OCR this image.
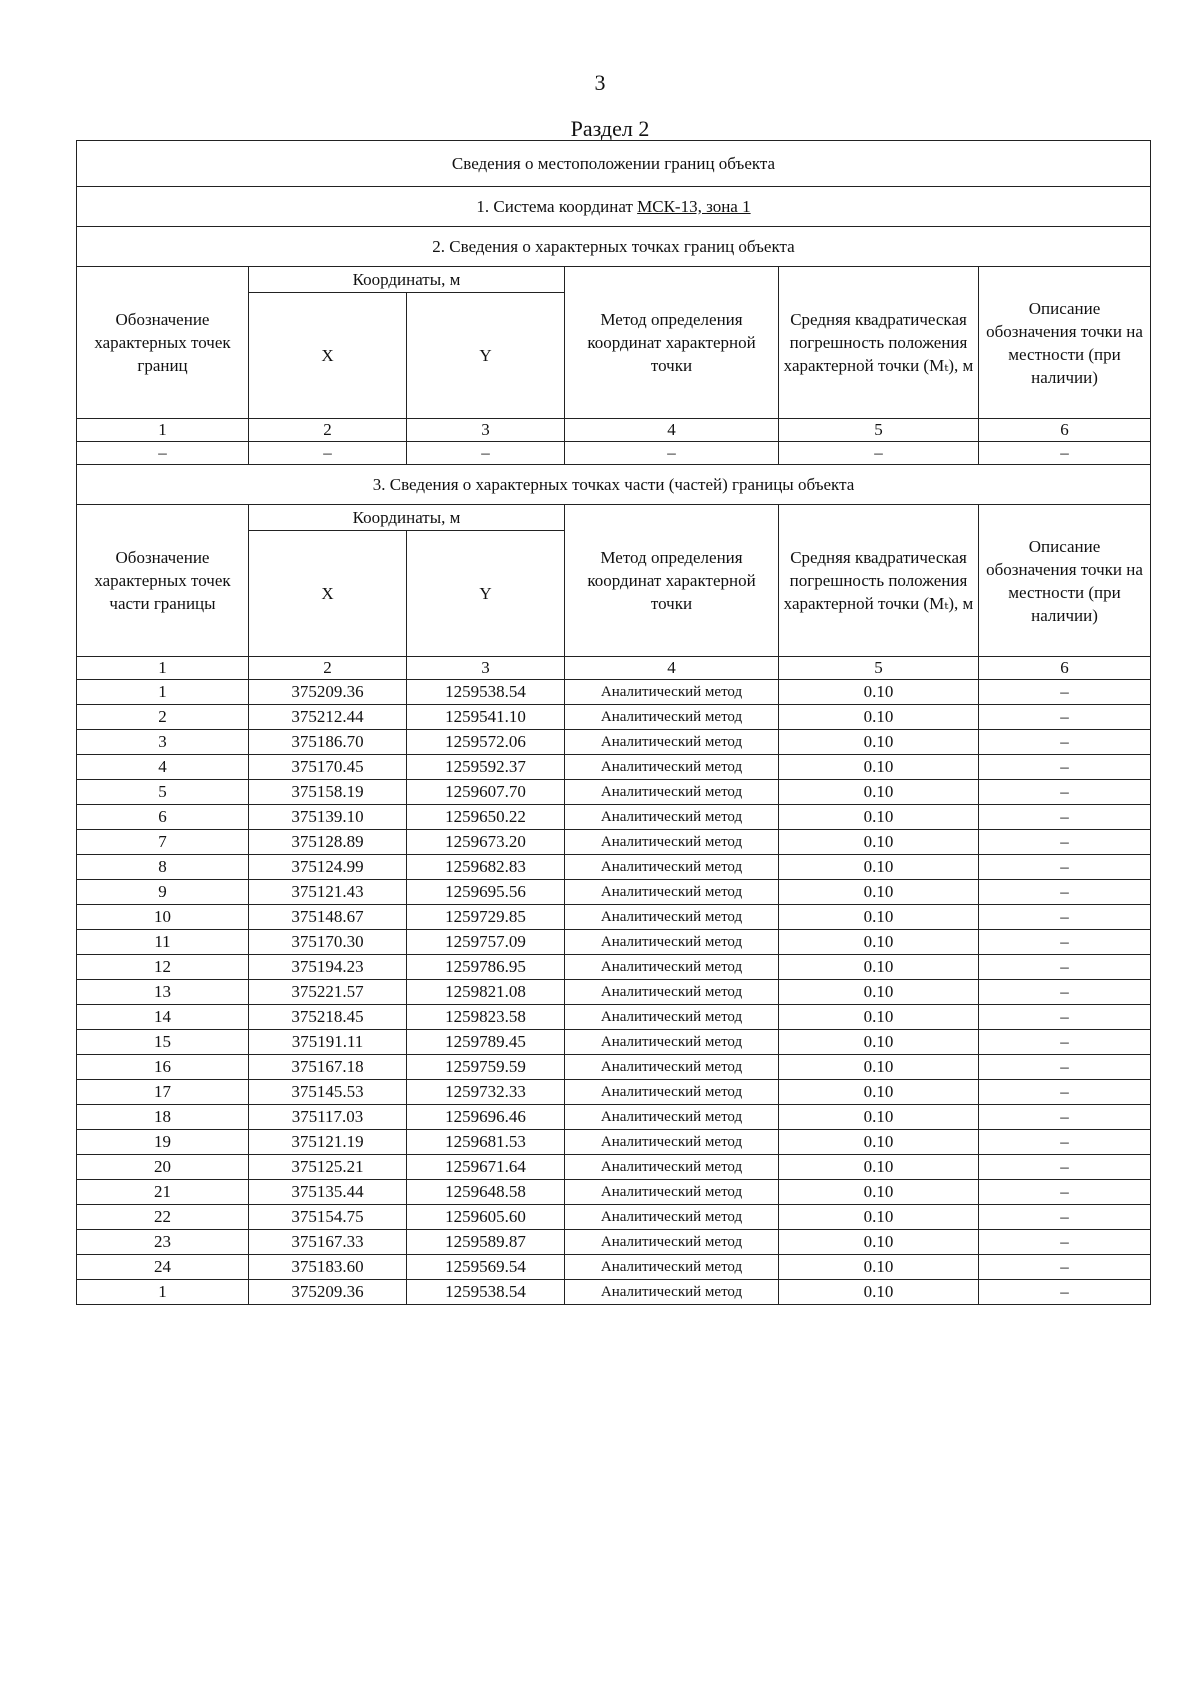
3
Раздел 2
Сведения о местоположении границ объекта					
1. Система координат МСК-13, зона 1					
2. Сведения о характерных точках границ объекта					
Обозначение характерных точек границ	Координаты, м		Метод определения координат характерной точки	Средняя квадратическая погрешность положения характерной точки (Mₜ), м	Описание обозначения точки на местности (при наличии)
	X	Y			
1	2	3	4	5	6
–	–	–	–	–	–
3. Сведения о характерных точках части (частей) границы объекта					
Обозначение характерных точек части границы	Координаты, м		Метод определения координат характерной точки	Средняя квадратическая погрешность положения характерной точки (Mₜ), м	Описание обозначения точки на местности (при наличии)
	X	Y			
1	2	3	4	5	6
1	375209.36	1259538.54	Аналитический метод	0.10	–
2	375212.44	1259541.10	Аналитический метод	0.10	–
3	375186.70	1259572.06	Аналитический метод	0.10	–
4	375170.45	1259592.37	Аналитический метод	0.10	–
5	375158.19	1259607.70	Аналитический метод	0.10	–
6	375139.10	1259650.22	Аналитический метод	0.10	–
7	375128.89	1259673.20	Аналитический метод	0.10	–
8	375124.99	1259682.83	Аналитический метод	0.10	–
9	375121.43	1259695.56	Аналитический метод	0.10	–
10	375148.67	1259729.85	Аналитический метод	0.10	–
11	375170.30	1259757.09	Аналитический метод	0.10	–
12	375194.23	1259786.95	Аналитический метод	0.10	–
13	375221.57	1259821.08	Аналитический метод	0.10	–
14	375218.45	1259823.58	Аналитический метод	0.10	–
15	375191.11	1259789.45	Аналитический метод	0.10	–
16	375167.18	1259759.59	Аналитический метод	0.10	–
17	375145.53	1259732.33	Аналитический метод	0.10	–
18	375117.03	1259696.46	Аналитический метод	0.10	–
19	375121.19	1259681.53	Аналитический метод	0.10	–
20	375125.21	1259671.64	Аналитический метод	0.10	–
21	375135.44	1259648.58	Аналитический метод	0.10	–
22	375154.75	1259605.60	Аналитический метод	0.10	–
23	375167.33	1259589.87	Аналитический метод	0.10	–
24	375183.60	1259569.54	Аналитический метод	0.10	–
1	375209.36	1259538.54	Аналитический метод	0.10	–
